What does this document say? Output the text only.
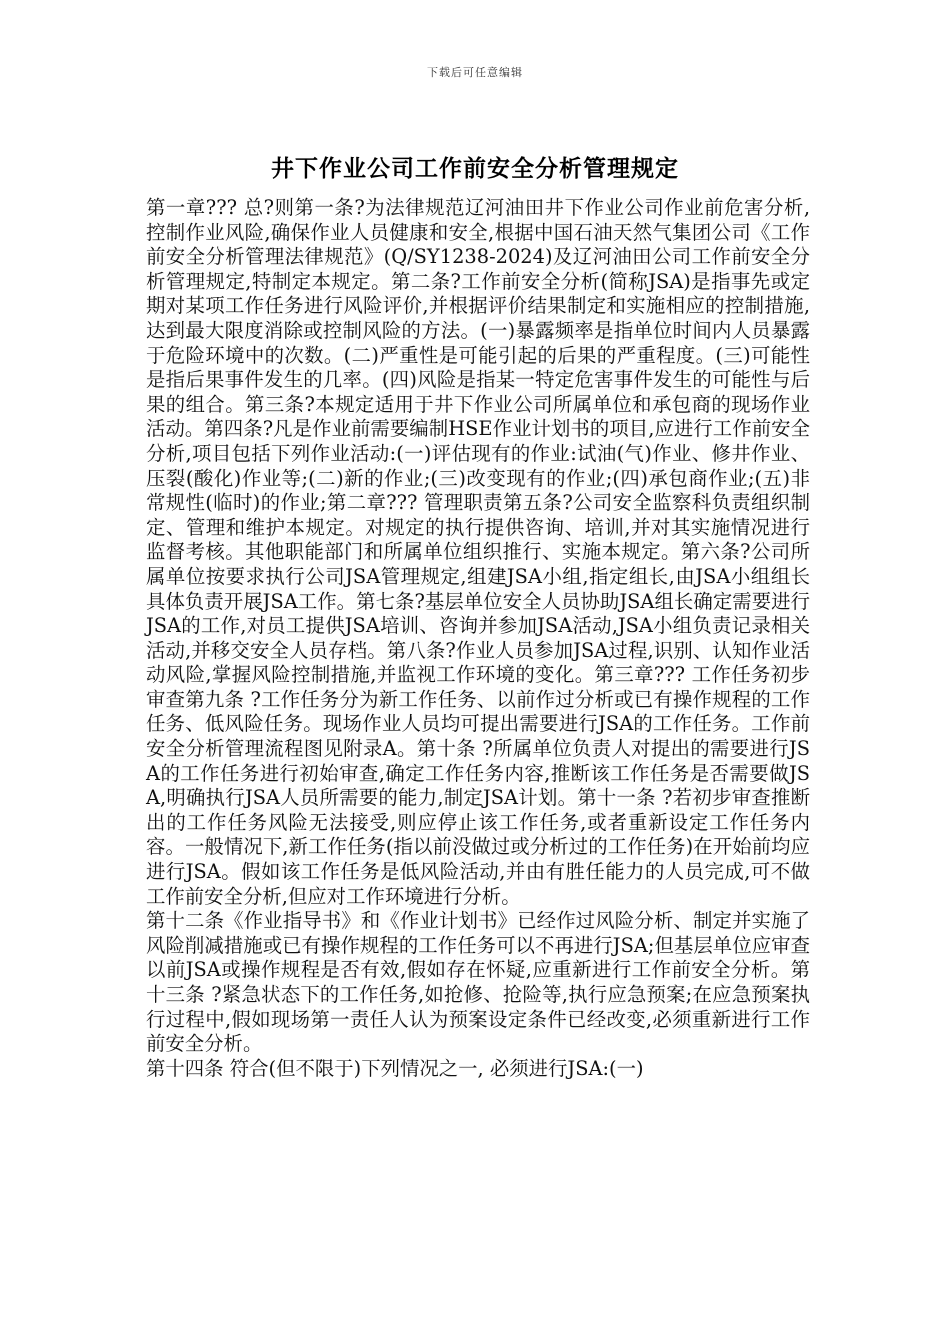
下载后可任意编辑
井下作业公司工作前安全分析管理规定

第一章??? 总?则第一条?为法律规范辽河油田井下作业公司作业前危害分析,控制作业风险,确保作业人员健康和安全,根据中国石油天然气集团公司《工作前安全分析管理法律规范》(Q/SY1238-2024)及辽河油田公司工作前安全分析管理规定,特制定本规定。第二条?工作前安全分析(简称JSA)是指事先或定期对某项工作任务进行风险评价,并根据评价结果制定和实施相应的控制措施,达到最大限度消除或控制风险的方法。(一)暴露频率是指单位时间内人员暴露于危险环境中的次数。(二)严重性是可能引起的后果的严重程度。(三)可能性是指后果事件发生的几率。(四)风险是指某一特定危害事件发生的可能性与后果的组合。第三条?本规定适用于井下作业公司所属单位和承包商的现场作业活动。第四条?凡是作业前需要编制HSE作业计划书的项目,应进行工作前安全分析,项目包括下列作业活动:(一)评估现有的作业:试油(气)作业、修井作业、压裂(酸化)作业等;(二)新的作业;(三)改变现有的作业;(四)承包商作业;(五)非常规性(临时)的作业;第二章??? 管理职责第五条?公司安全监察科负责组织制定、管理和维护本规定。对规定的执行提供咨询、培训,并对其实施情况进行监督考核。其他职能部门和所属单位组织推行、实施本规定。第六条?公司所属单位按要求执行公司JSA管理规定,组建JSA小组,指定组长,由JSA小组组长具体负责开展JSA工作。第七条?基层单位安全人员协助JSA组长确定需要进行JSA的工作,对员工提供JSA培训、咨询并参加JSA活动,JSA小组负责记录相关活动,并移交安全人员存档。第八条?作业人员参加JSA过程,识别、认知作业活动风险,掌握风险控制措施,并监视工作环境的变化。第三章??? 工作任务初步审查第九条 ?工作任务分为新工作任务、以前作过分析或已有操作规程的工作任务、低风险任务。现场作业人员均可提出需要进行JSA的工作任务。工作前安全分析管理流程图见附录A。第十条 ?所属单位负责人对提出的需要进行JSA的工作任务进行初始审查,确定工作任务内容,推断该工作任务是否需要做JSA,明确执行JSA人员所需要的能力,制定JSA计划。第十一条 ?若初步审查推断出的工作任务风险无法接受,则应停止该工作任务,或者重新设定工作任务内容。一般情况下,新工作任务(指以前没做过或分析过的工作任务)在开始前均应进行JSA。假如该工作任务是低风险活动,并由有胜任能力的人员完成,可不做工作前安全分析,但应对工作环境进行分析。

第十二条《作业指导书》和《作业计划书》已经作过风险分析、制定并实施了风险削减措施或已有操作规程的工作任务可以不再进行JSA;但基层单位应审查以前JSA或操作规程是否有效,假如存在怀疑,应重新进行工作前安全分析。第十三条 ?紧急状态下的工作任务,如抢修、抢险等,执行应急预案;在应急预案执行过程中,假如现场第一责任人认为预案设定条件已经改变,必须重新进行工作前安全分析。

第十四条 符合(但不限于)下列情况之一, 必须进行JSA:(一)
